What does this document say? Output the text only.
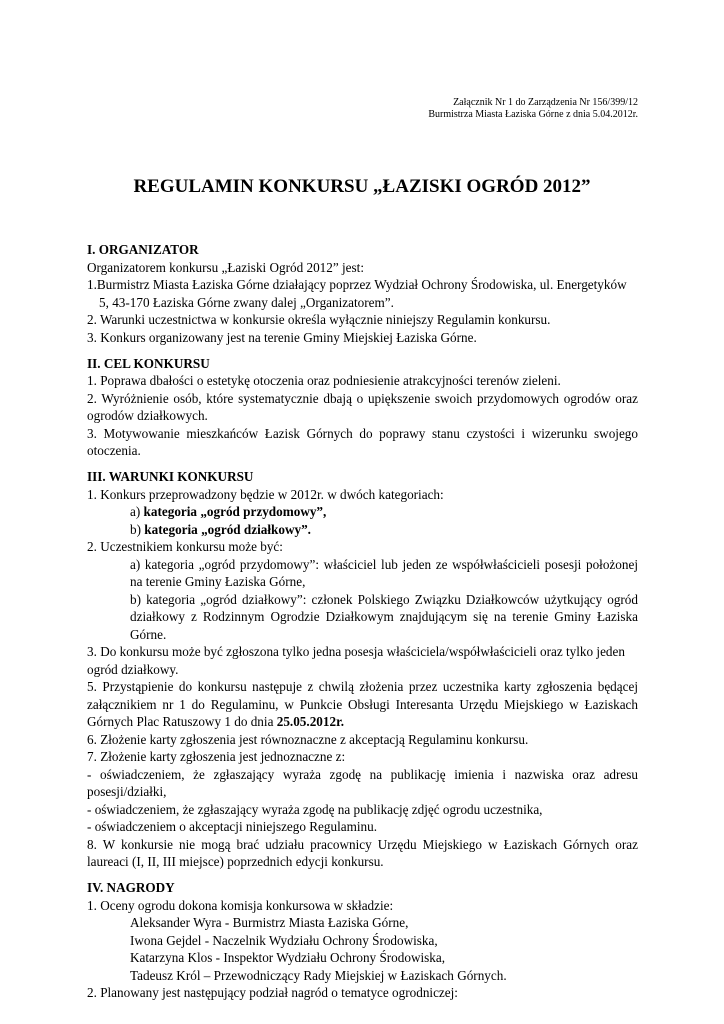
Załącznik Nr 1 do Zarządzenia Nr 156/399/12
Burmistrza Miasta Łaziska Górne z dnia 5.04.2012r.
REGULAMIN KONKURSU „ŁAZISKI OGRÓD 2012”

I. ORGANIZATOR

Organizatorem konkursu „Łaziski Ogród 2012” jest:

1.Burmistrz Miasta Łaziska Górne działający poprzez Wydział Ochrony Środowiska, ul. Energetyków 5, 43-170 Łaziska Górne zwany dalej „Organizatorem”.

2. Warunki uczestnictwa w konkursie określa wyłącznie niniejszy Regulamin konkursu.

3. Konkurs organizowany jest na terenie Gminy Miejskiej Łaziska Górne.

II. CEL KONKURSU

1. Poprawa dbałości o estetykę otoczenia oraz podniesienie atrakcyjności terenów zieleni.

2. Wyróżnienie osób, które systematycznie dbają o upiększenie swoich przydomowych ogrodów oraz ogrodów działkowych.

3. Motywowanie mieszkańców Łazisk Górnych do poprawy stanu czystości i wizerunku swojego otoczenia.

III. WARUNKI KONKURSU

1. Konkurs przeprowadzony będzie w 2012r. w dwóch kategoriach:

a) kategoria „ogród przydomowy”,

b) kategoria „ogród działkowy”.

2. Uczestnikiem konkursu może być:

a) kategoria „ogród przydomowy”: właściciel lub jeden ze współwłaścicieli posesji położonej na terenie Gminy Łaziska Górne,

b) kategoria „ogród działkowy”: członek Polskiego Związku Działkowców użytkujący ogród działkowy z Rodzinnym Ogrodzie Działkowym znajdującym się na terenie Gminy Łaziska Górne.

3. Do konkursu może być zgłoszona tylko jedna posesja właściciela/współwłaścicieli oraz tylko jeden ogród działkowy.

5. Przystąpienie do konkursu następuje z chwilą złożenia przez uczestnika karty zgłoszenia będącej załącznikiem nr 1 do Regulaminu, w Punkcie Obsługi Interesanta Urzędu Miejskiego w Łaziskach Górnych Plac Ratuszowy 1 do dnia 25.05.2012r.

6. Złożenie karty zgłoszenia jest równoznaczne z akceptacją Regulaminu konkursu.

7. Złożenie karty zgłoszenia jest jednoznaczne z:

- oświadczeniem, że zgłaszający wyraża zgodę na publikację imienia i nazwiska oraz adresu posesji/działki,

- oświadczeniem, że zgłaszający wyraża zgodę na publikację zdjęć ogrodu uczestnika,

- oświadczeniem o akceptacji niniejszego Regulaminu.

8. W konkursie nie mogą brać udziału pracownicy Urzędu Miejskiego w Łaziskach Górnych oraz laureaci (I, II, III miejsce) poprzednich edycji konkursu.

IV. NAGRODY

1. Oceny ogrodu dokona komisja konkursowa w składzie:

Aleksander Wyra - Burmistrz Miasta Łaziska Górne,

Iwona Gejdel - Naczelnik Wydziału Ochrony Środowiska,

Katarzyna Klos - Inspektor Wydziału Ochrony Środowiska,

Tadeusz Król – Przewodniczący Rady Miejskiej w Łaziskach Górnych.

2. Planowany jest następujący podział nagród o tematyce ogrodniczej:
